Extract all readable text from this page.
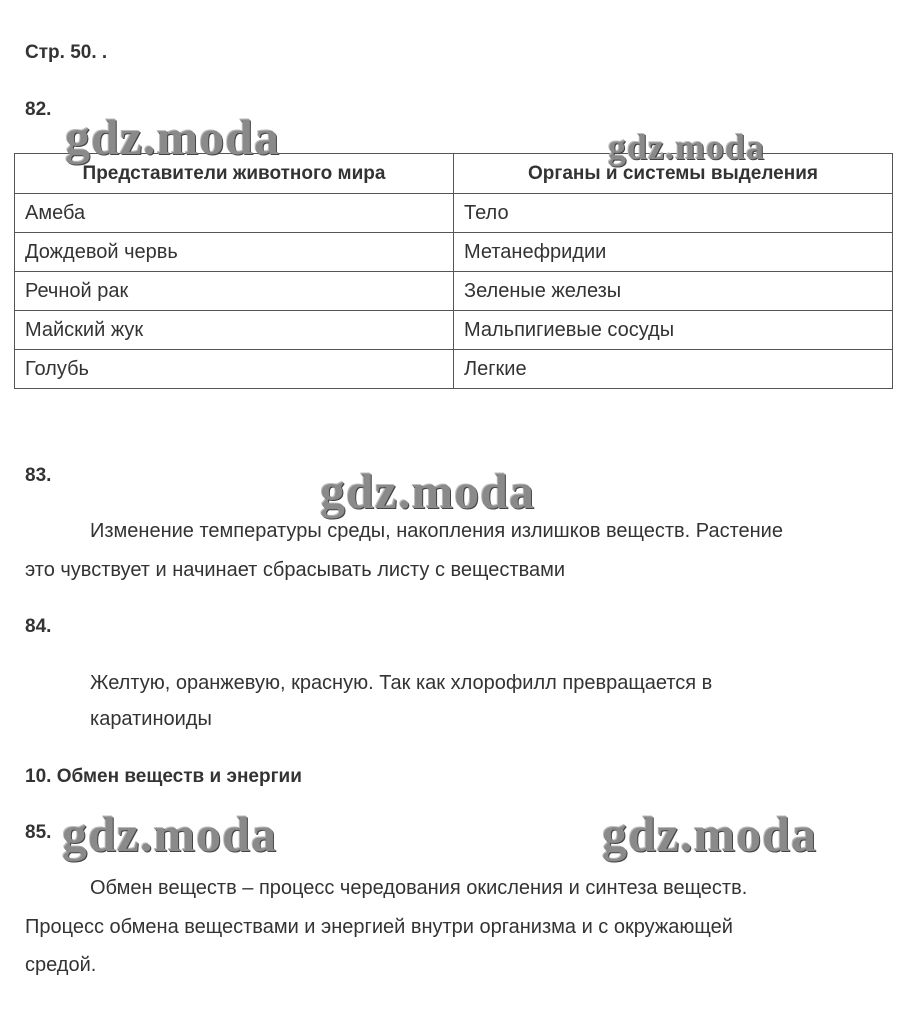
Стр. 50. .
82.
Представители животного мира	Органы и системы выделения
Амеба	Тело
Дождевой червь	Метанефридии
Речной рак	Зеленые железы
Майский жук	Мальпигиевые сосуды
Голубь	Легкие
83.
Изменение температуры среды, накопления излишков веществ. Растение
это чувствует и начинает сбрасывать листу с веществами
84.
Желтую, оранжевую, красную. Так как хлорофилл превращается в
каратиноиды
10. Обмен веществ и энергии
85.
Обмен веществ – процесс чередования окисления и синтеза веществ.
Процесс обмена веществами и энергией внутри организма и с окружающей
средой.
gdz.moda	gdz.moda
gdz.moda
gdz.moda	gdz.moda
